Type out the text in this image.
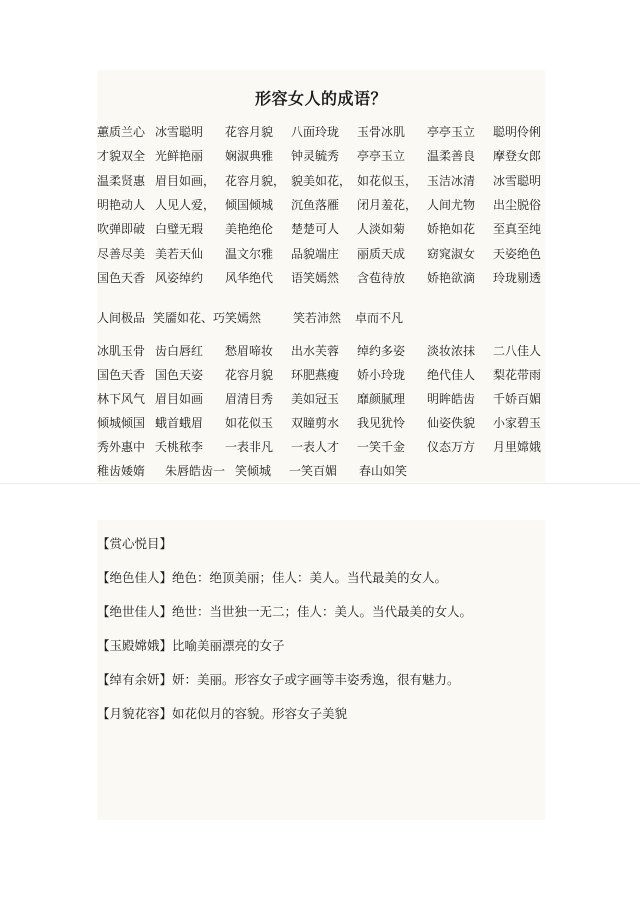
形容女人的成语？
蕙质兰心 冰雪聪明 花容月貌 八面玲珑 玉骨冰肌 亭亭玉立 聪明伶俐
才貌双全 光鲜艳丽 娴淑典雅 钟灵毓秀 亭亭玉立 温柔善良 摩登女郎
温柔贤惠 眉目如画， 花容月貌， 貌美如花， 如花似玉， 玉洁冰清 冰雪聪明
明艳动人 人见人爱， 倾国倾城 沉鱼落雁 闭月羞花， 人间尤物 出尘脱俗
吹弹即破 白璧无瑕 美艳绝伦 楚楚可人 人淡如菊 娇艳如花 至真至纯
尽善尽美 美若天仙 温文尔雅 品貌端庄 丽质天成 窈窕淑女 天姿绝色
国色天香 风姿绰约 风华绝代 语笑嫣然 含苞待放 娇艳欲滴 玲珑剔透
人间极品 笑靥如花、巧笑嫣然	笑若沛然 卓而不凡
冰肌玉骨 齿白唇红 愁眉啼妆 出水芙蓉 绰约多姿 淡妆浓抹 二八佳人
国色天香 国色天姿 花容月貌 环肥燕瘦 娇小玲珑 绝代佳人 梨花带雨
林下风气 眉目如画 眉清目秀 美如冠玉 靡颜腻理 明眸皓齿 千娇百媚
倾城倾国 蛾首蛾眉 如花似玉 双瞳剪水 我见犹怜 仙姿佚貌 小家碧玉
秀外惠中 夭桃秾李 一表非凡 一表人才 一笑千金 仪态万方 月里嫦娥
稚齿婑媠 朱唇皓齿一 笑倾城 一笑百媚 春山如笑
【赏心悦目】
【绝色佳人】绝色：绝顶美丽；佳人：美人。当代最美的女人。
【绝世佳人】绝世：当世独一无二；佳人：美人。当代最美的女人。
【玉殿嫦娥】比喻美丽漂亮的女子
【绰有余妍】妍：美丽。形容女子或字画等丰姿秀逸，很有魅力。
【月貌花容】如花似月的容貌。形容女子美貌
